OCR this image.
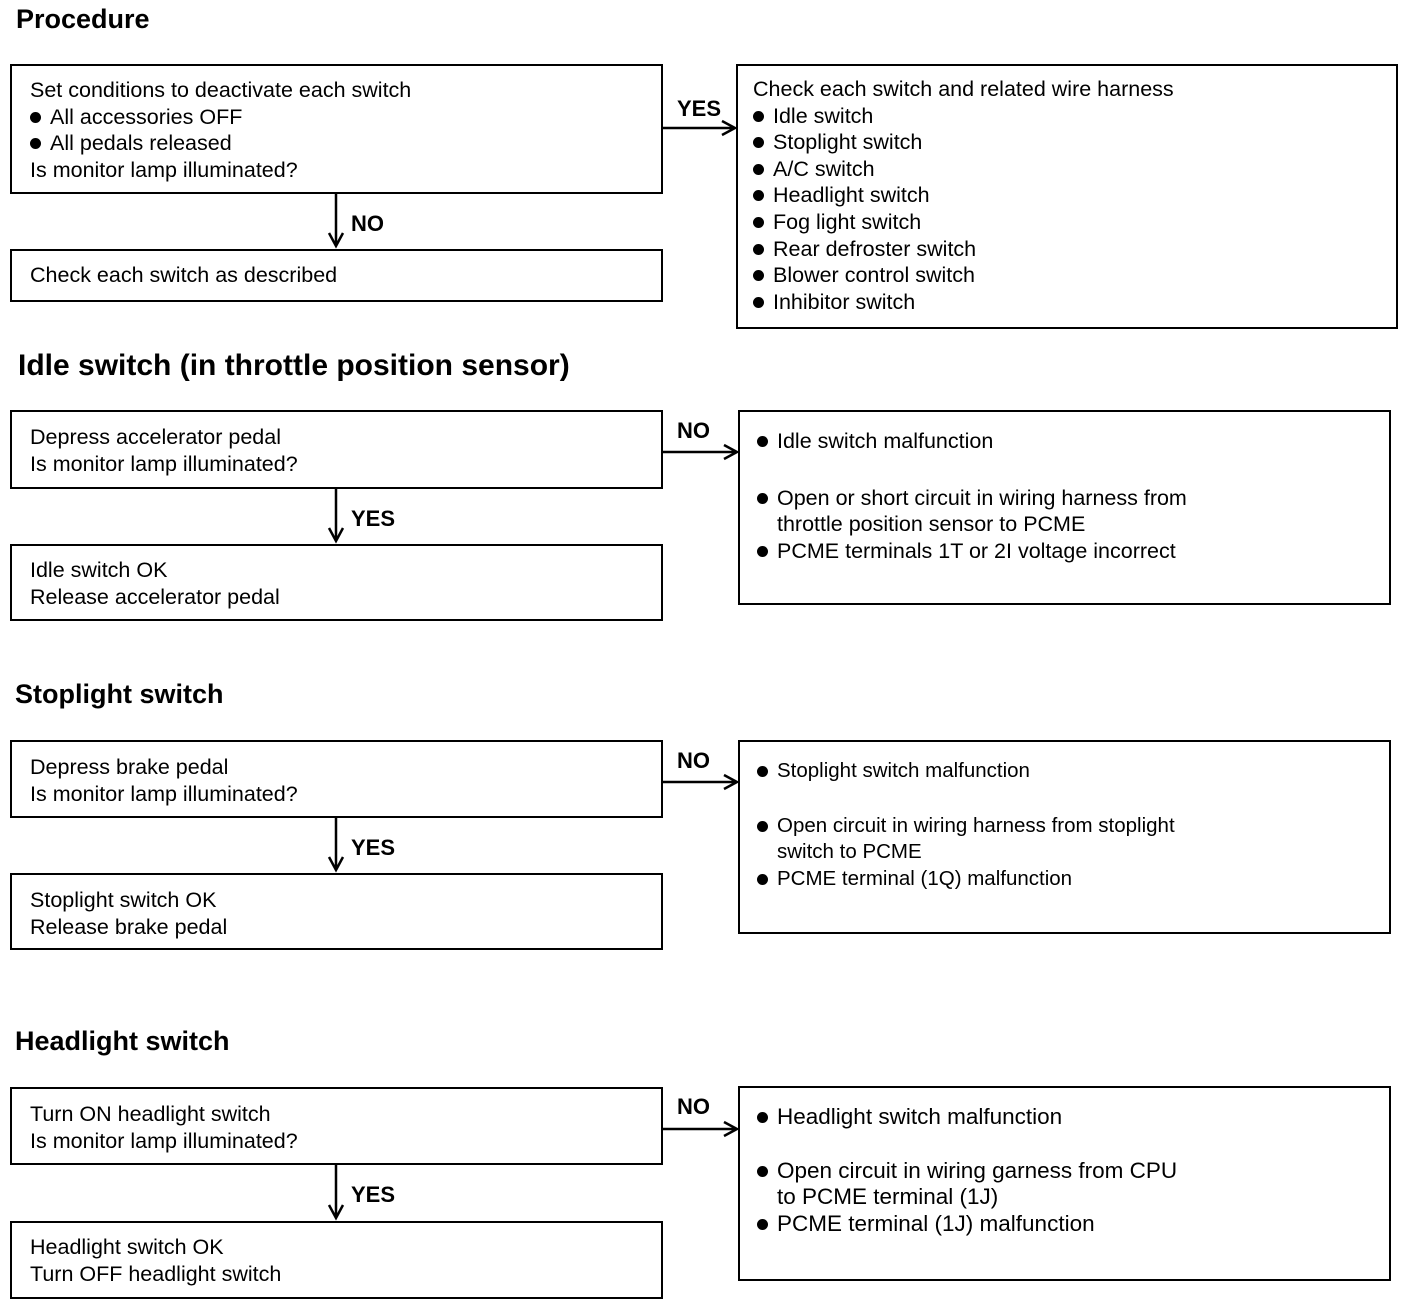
Procedure
Set conditions to deactivate each switch
All accessories OFF
All pedals released
Is monitor lamp illuminated?
YES
NO
Check each switch as described
Check each switch and related wire harness
Idle switch
Stoplight switch
A/C switch
Headlight switch
Fog light switch
Rear defroster switch
Blower control switch
Inhibitor switch
Idle switch (in throttle position sensor)
Depress accelerator pedal
Is monitor lamp illuminated?
NO
YES
Idle switch OK
Release accelerator pedal
Idle switch malfunction
Open or short circuit in wiring harness from
throttle position sensor to PCME
PCME terminals 1T or 2I voltage incorrect
Stoplight switch
Depress brake pedal
Is monitor lamp illuminated?
NO
YES
Stoplight switch OK
Release brake pedal
Stoplight switch malfunction
Open circuit in wiring harness from stoplight
switch to PCME
PCME terminal (1Q) malfunction
Headlight switch
Turn ON headlight switch
Is monitor lamp illuminated?
NO
YES
Headlight switch OK
Turn OFF headlight switch
Headlight switch malfunction
Open circuit in wiring garness from CPU
to PCME terminal (1J)
PCME terminal (1J) malfunction
